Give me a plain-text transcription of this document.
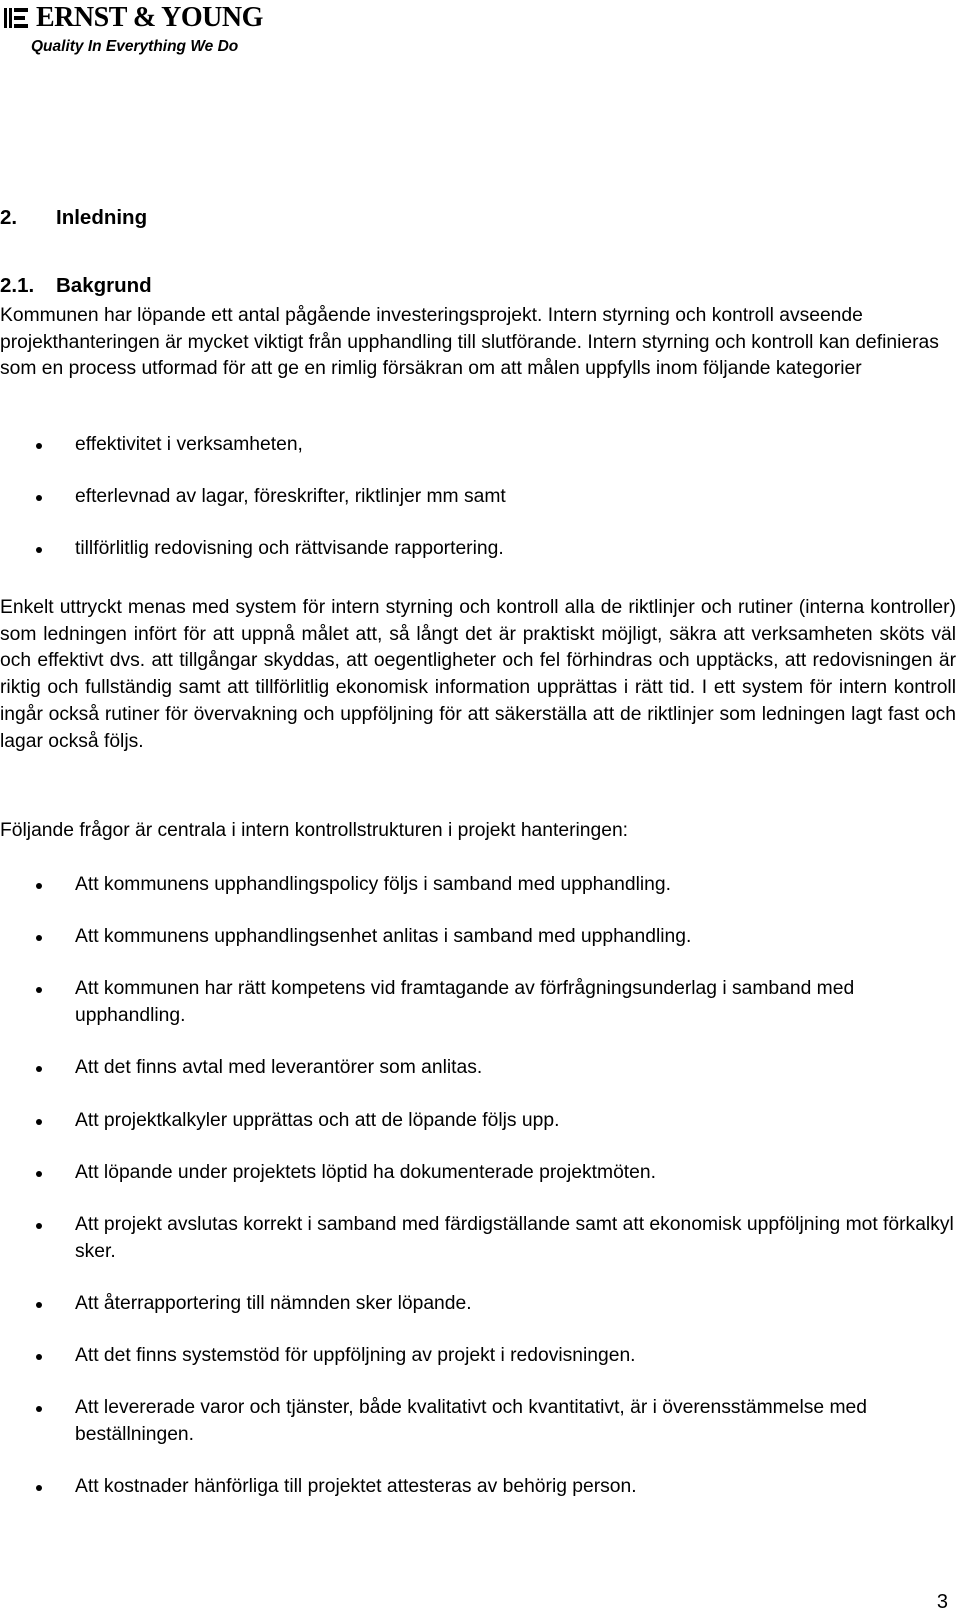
ERNST & YOUNG
Quality In Everything We Do
2. Inledning
2.1. Bakgrund
Kommunen har löpande ett antal pågående investeringsprojekt. Intern styrning och kontroll avseende projekthanteringen är mycket viktigt från upphandling till slutförande. Intern styrning och kontroll kan definieras som en process utformad för att ge en rimlig försäkran om att målen uppfylls inom följande kategorier
effektivitet i verksamheten,
efterlevnad av lagar, föreskrifter, riktlinjer mm samt
tillförlitlig redovisning och rättvisande rapportering.
Enkelt uttryckt menas med system för intern styrning och kontroll alla de riktlinjer och rutiner (interna kontroller) som ledningen infört för att uppnå målet att, så långt det är praktiskt möjligt, säkra att verksamheten sköts väl och effektivt dvs. att tillgångar skyddas, att oegentligheter och fel förhindras och upptäcks, att redovisningen är riktig och fullständig samt att tillförlitlig ekonomisk information upprättas i rätt tid. I ett system för intern kontroll ingår också rutiner för övervakning och uppföljning för att säkerställa att de riktlinjer som ledningen lagt fast och lagar också följs.
Följande frågor är centrala i intern kontrollstrukturen i projekt hanteringen:
Att kommunens upphandlingspolicy följs i samband med upphandling.
Att kommunens upphandlingsenhet anlitas i samband med upphandling.
Att kommunen har rätt kompetens vid framtagande av förfrågningsunderlag i samband med upphandling.
Att det finns avtal med leverantörer som anlitas.
Att projektkalkyler upprättas och att de löpande följs upp.
Att löpande under projektets löptid ha dokumenterade projektmöten.
Att projekt avslutas korrekt i samband med färdigställande samt att ekonomisk uppföljning mot förkalkyl sker.
Att återrapportering till nämnden sker löpande.
Att det finns systemstöd för uppföljning av projekt i redovisningen.
Att levererade varor och tjänster, både kvalitativt och kvantitativt, är i överensstämmelse med beställningen.
Att kostnader hänförliga till projektet attesteras av behörig person.
3
